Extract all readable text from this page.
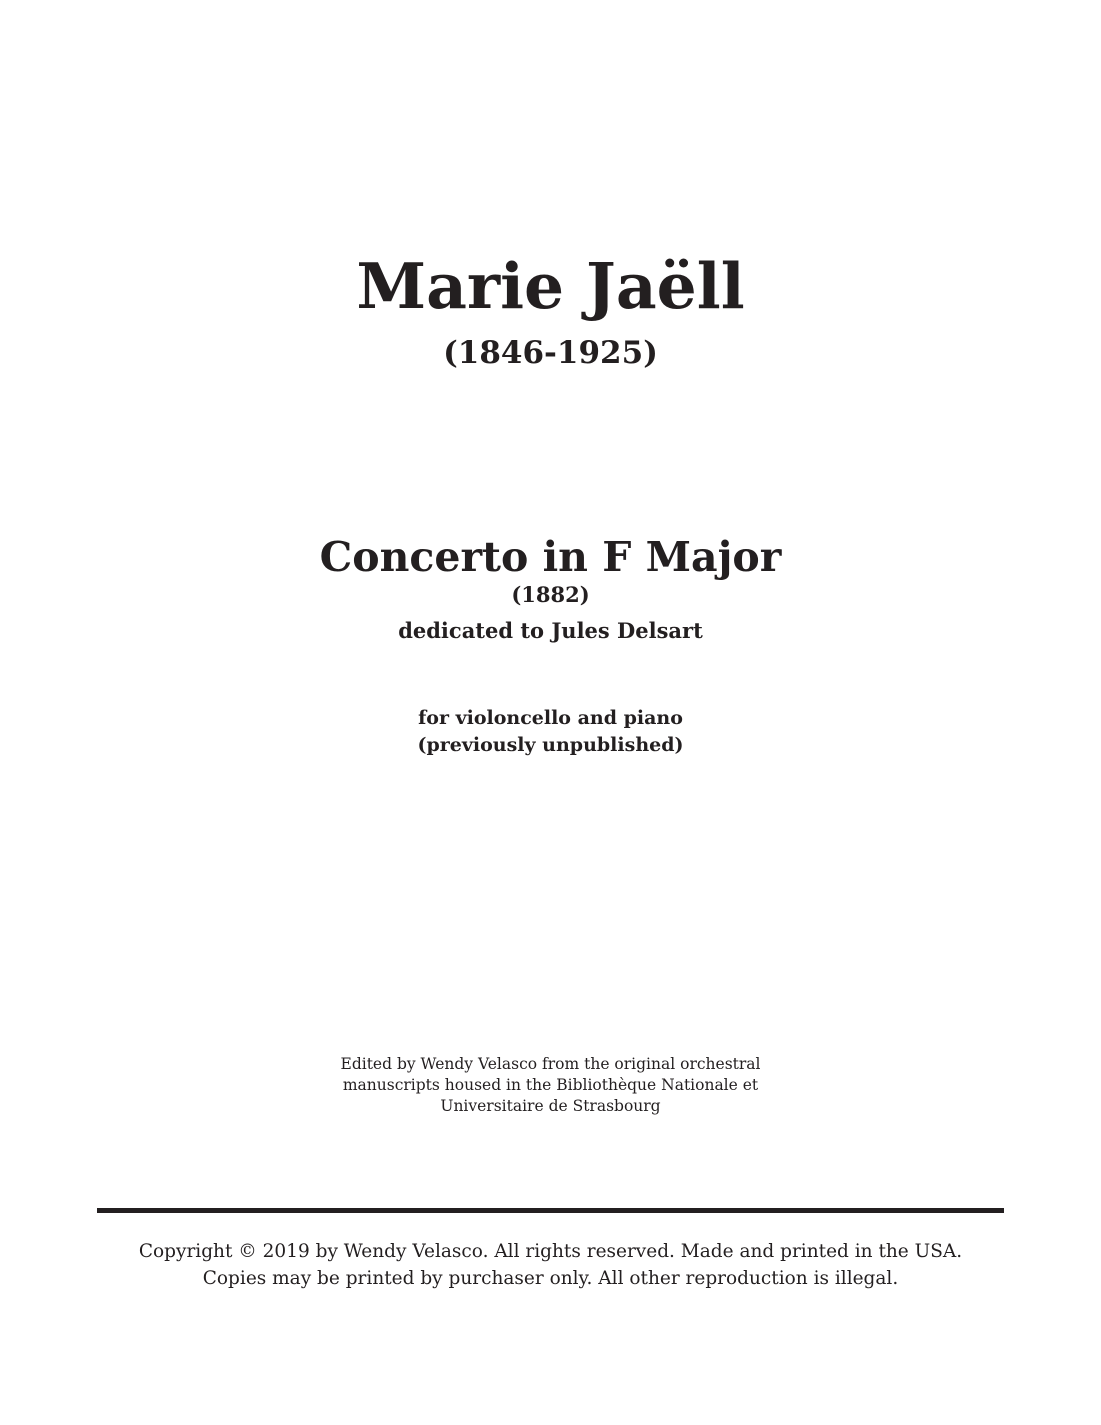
Marie Jaëll
(1846-1925)
Concerto in F Major
(1882)
dedicated to Jules Delsart
for violoncello and piano
(previously unpublished)
Edited by Wendy Velasco from the original orchestral
manuscripts housed in the Bibliothèque Nationale et
Universitaire de Strasbourg
Copyright © 2019 by Wendy Velasco. All rights reserved. Made and printed in the USA.
Copies may be printed by purchaser only. All other reproduction is illegal.
